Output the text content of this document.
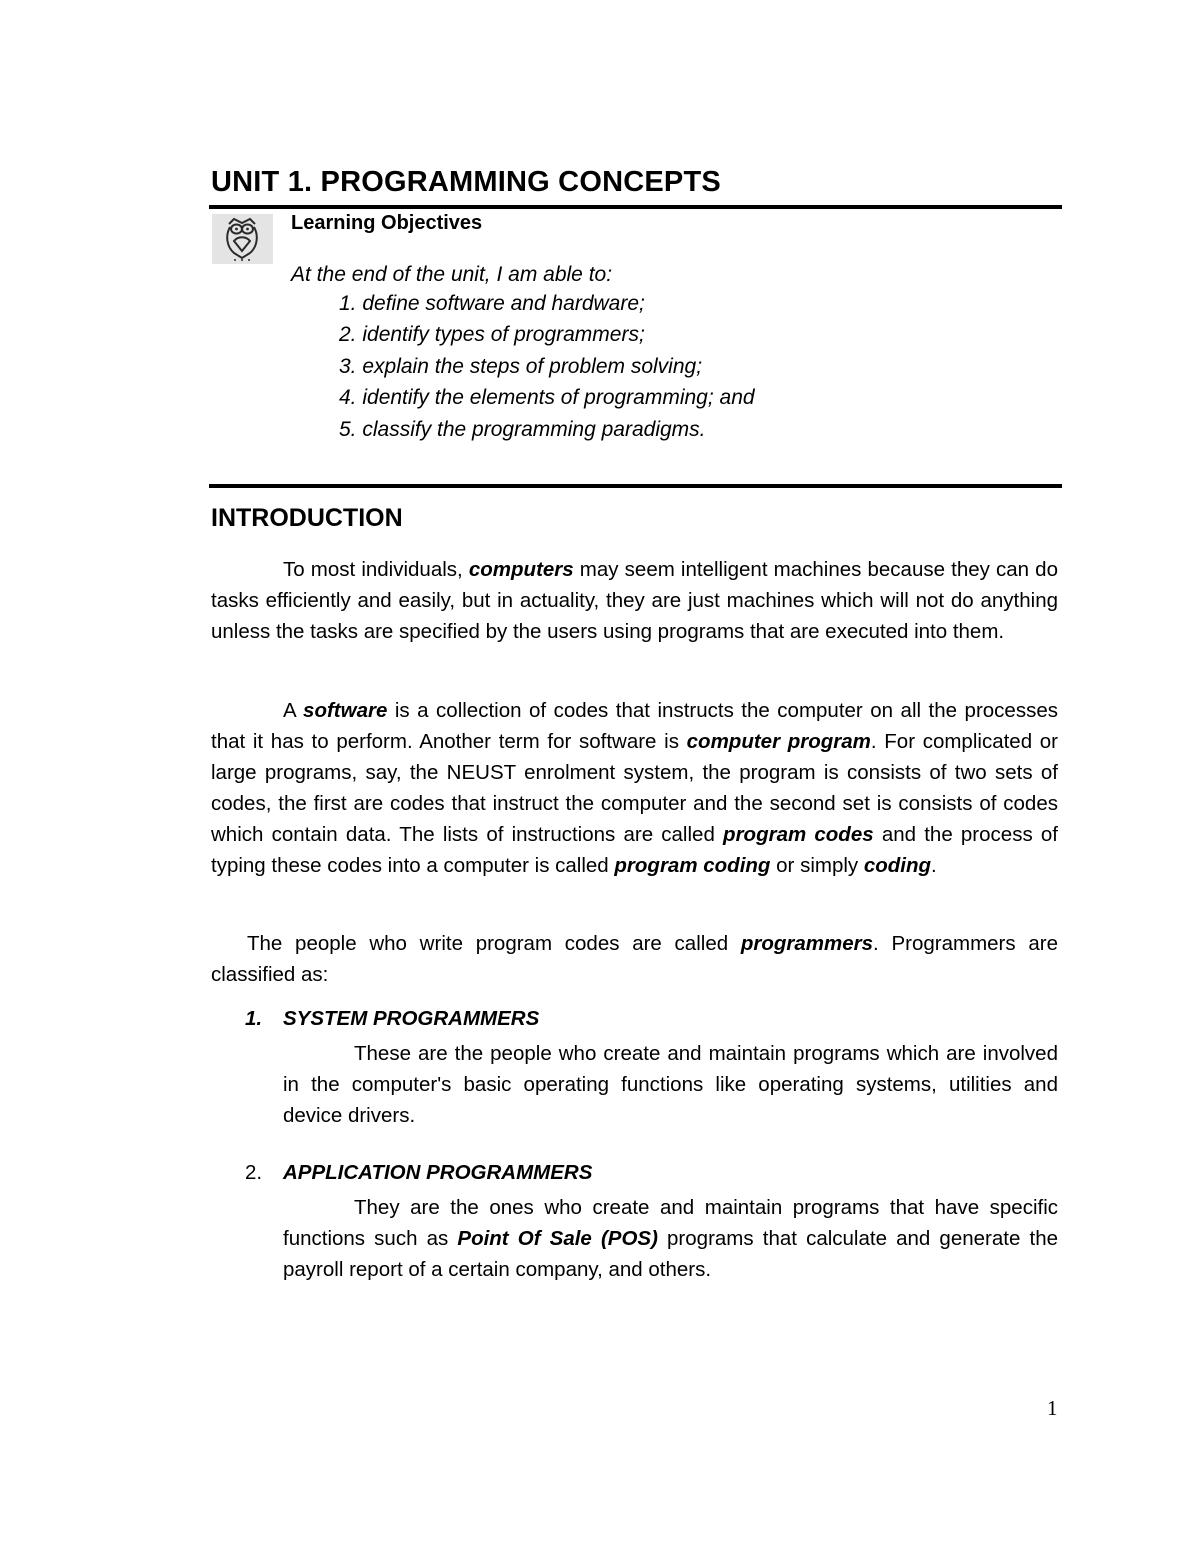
UNIT 1. PROGRAMMING CONCEPTS
Learning Objectives
At the end of the unit, I am able to:
1. define software and hardware;
2. identify types of programmers;
3. explain the steps of problem solving;
4. identify the elements of programming; and
5. classify the programming paradigms.
INTRODUCTION

To most individuals, computers may seem intelligent machines because they can do tasks efficiently and easily, but in actuality, they are just machines which will not do anything unless the tasks are specified by the users using programs that are executed into them.

A software is a collection of codes that instructs the computer on all the processes that it has to perform. Another term for software is computer program. For complicated or large programs, say, the NEUST enrolment system, the program is consists of two sets of codes, the first are codes that instruct the computer and the second set is consists of codes which contain data. The lists of instructions are called program codes and the process of typing these codes into a computer is called program coding or simply coding.

The people who write program codes are called programmers. Programmers are classified as:

1. SYSTEM PROGRAMMERS

These are the people who create and maintain programs which are involved in the computer's basic operating functions like operating systems, utilities and device drivers.

2. APPLICATION PROGRAMMERS

They are the ones who create and maintain programs that have specific functions such as Point Of Sale (POS) programs that calculate and generate the payroll report of a certain company, and others.

1
